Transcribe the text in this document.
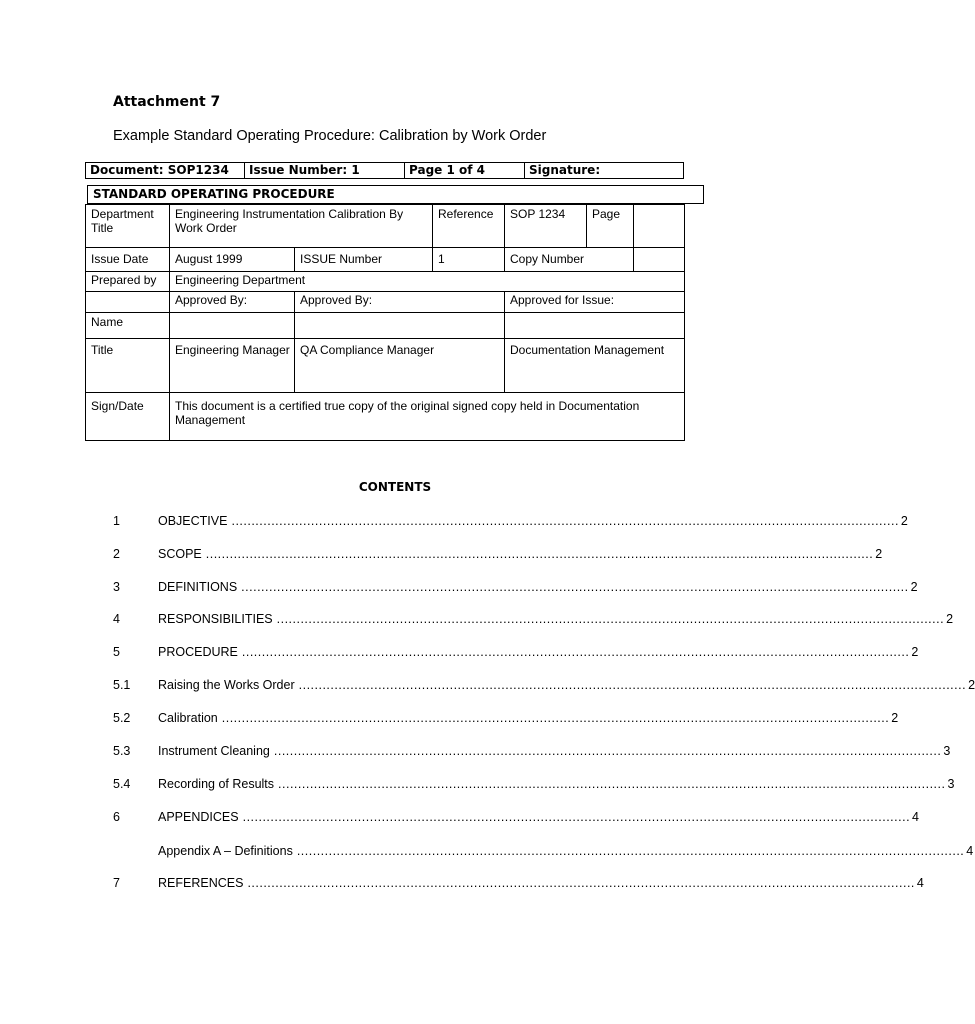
Attachment 7
Example Standard Operating Procedure: Calibration by Work Order
Document: SOP1234	Issue Number: 1	Page 1 of 4	Signature:
STANDARD OPERATING PROCEDURE
Department Title	Engineering Instrumentation Calibration By Work Order		Reference	SOP 1234	Page	
Issue Date	August 1999	ISSUE Number	1	Copy Number		
Prepared by	Engineering Department					
	Approved By:	Approved By:		Approved for Issue:		
Name						
Title	Engineering Manager	QA Compliance Manager		Documentation Management		
Sign/Date	This document is a certified true copy of the original signed copy held in Documentation Management					
CONTENTS
1	OBJECTIVE ........................................................................................................................................................................ 2
2	SCOPE ........................................................................................................................................................................ 2
3	DEFINITIONS ........................................................................................................................................................................ 2
4	RESPONSIBILITIES ........................................................................................................................................................................ 2
5	PROCEDURE ........................................................................................................................................................................ 2
5.1 Raising the Works Order ........................................................................................................................................................................ 2
5.2 Calibration ........................................................................................................................................................................ 2
5.3 Instrument Cleaning ........................................................................................................................................................................ 3
5.4 Recording of Results ........................................................................................................................................................................ 3
6	APPENDICES ........................................................................................................................................................................ 4
Appendix A – Definitions ........................................................................................................................................................................ 4
7	REFERENCES ........................................................................................................................................................................ 4
